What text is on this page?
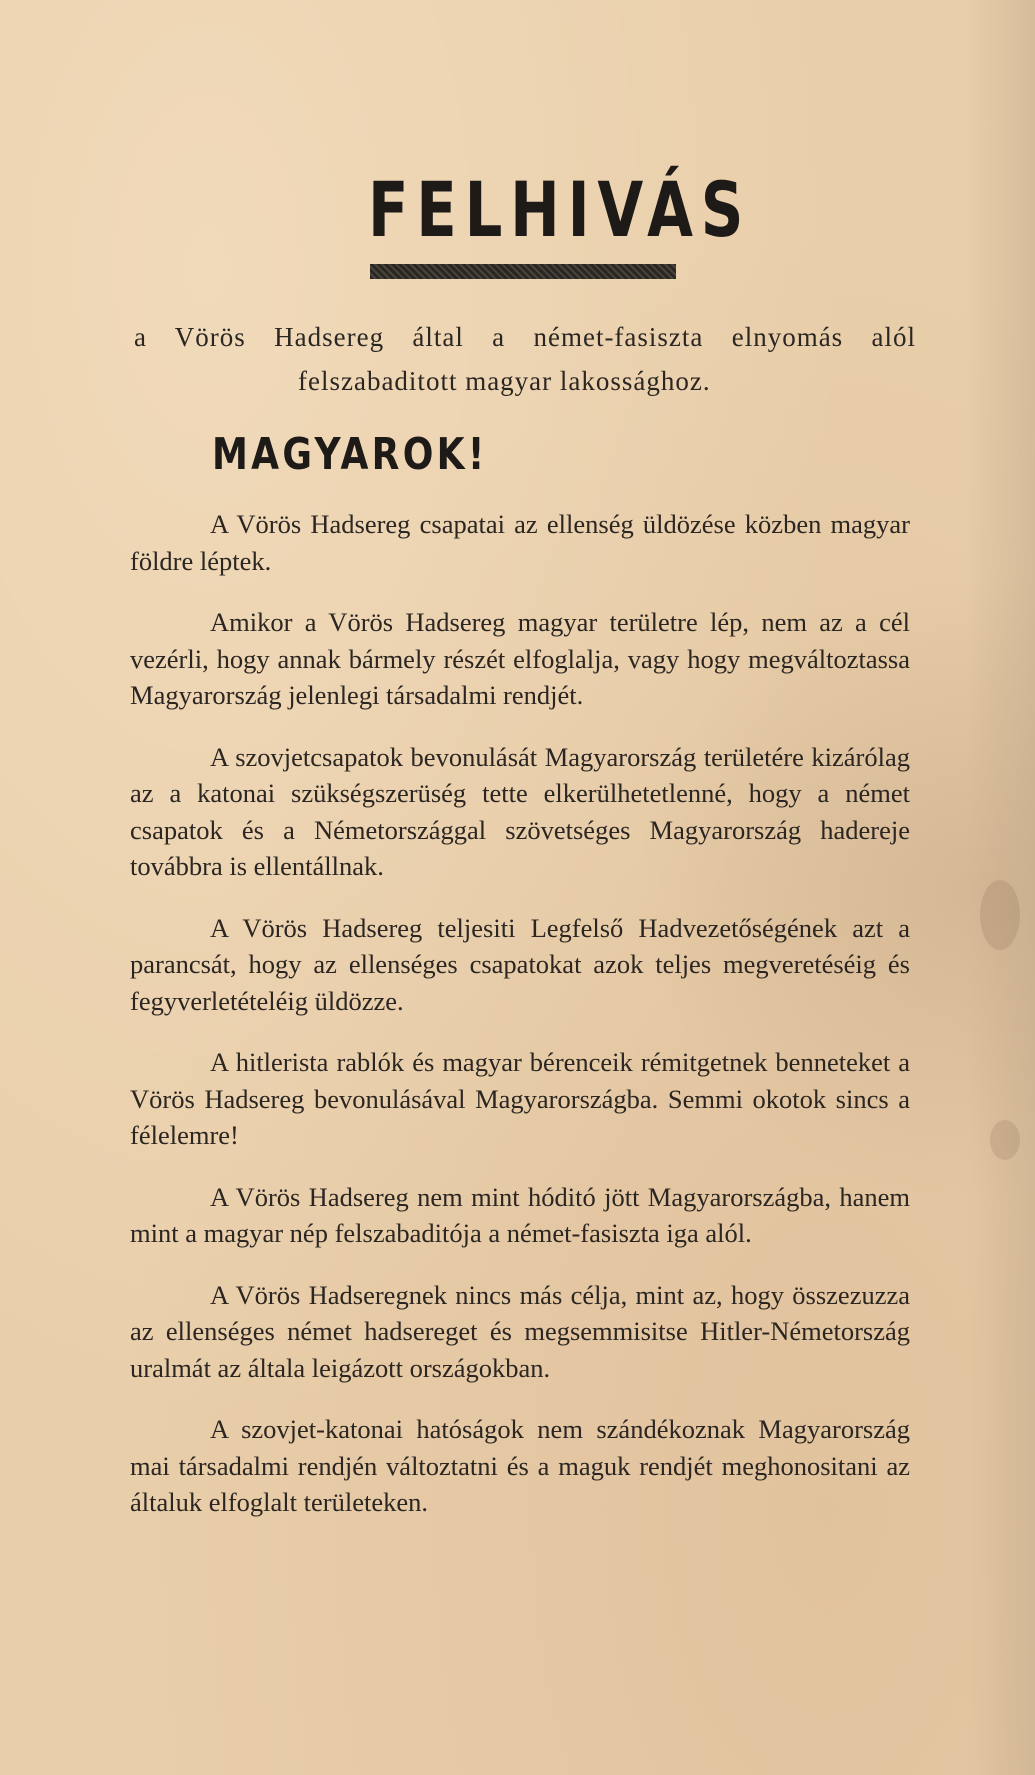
FELHIVÁS
a Vörös Hadsereg által a német-fasiszta elnyomás alól
felszabaditott magyar lakossághoz.
MAGYAROK!

A Vörös Hadsereg csapatai az ellenség üldözése közben magyar földre léptek.

Amikor a Vörös Hadsereg magyar területre lép, nem az a cél vezérli, hogy annak bármely részét elfoglalja, vagy hogy megváltoztassa Magyarország jelenlegi társadalmi rendjét.

A szovjetcsapatok bevonulását Magyarország területére kizárólag az a katonai szükségszerüség tette elkerülhetetlenné, hogy a német csapatok és a Németországgal szövetséges Magyarország haderejе továbbra is ellentállnak.

A Vörös Hadsereg teljesiti Legfelső Hadvezetőségének azt a parancsát, hogy az ellenséges csapatokat azok teljes megveretéséig és fegyverletételéig üldözze.

A hitlerista rablók és magyar bérenceik rémitgetnek benneteket a Vörös Hadsereg bevonulásával Magyarországba. Semmi okotok sincs a félelemre!

A Vörös Hadsereg nem mint hóditó jött Magyarországba, hanem mint a magyar nép felszabaditója a német-fasiszta iga alól.

A Vörös Hadseregnek nincs más célja, mint az, hogy összezuzza az ellenséges német hadsereget és megsemmisitse Hitler-Németország uralmát az általa leigázott országokban.

A szovjet-katonai hatóságok nem szándékoznak Magyarország mai társadalmi rendjén változtatni és a maguk rendjét meghonositani az általuk elfoglalt területeken.
